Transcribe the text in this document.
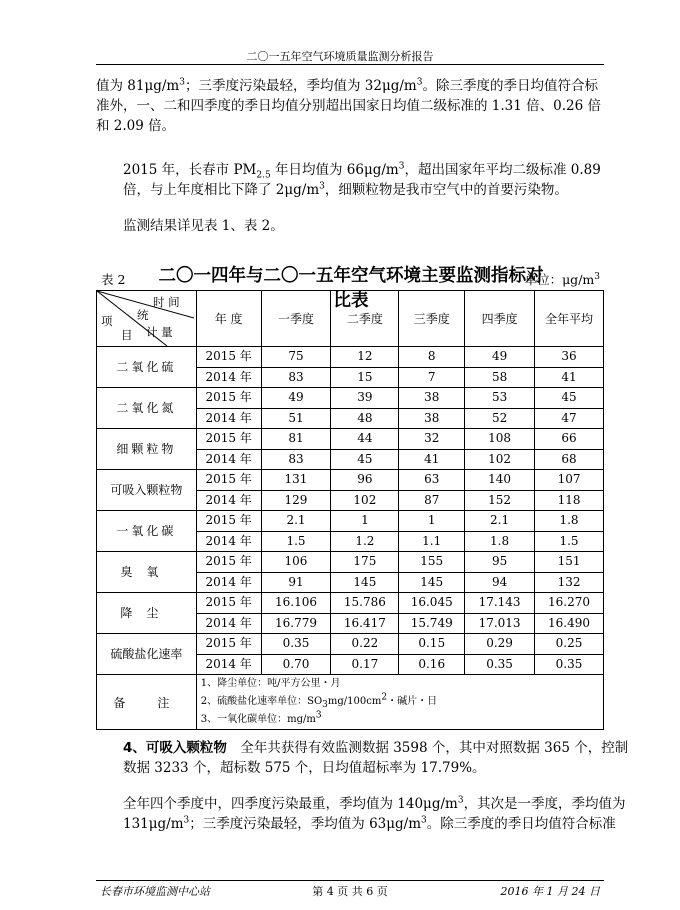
二〇一五年空气环境质量监测分析报告
值为 $81\mu g/m^3$；三季度污染最轻，季均值为 $32\mu g/m^3$。除三季度的季日均值符合标准外，一、二和四季度的季日均值分别超出国家日均值二级标准的 1.31 倍、0.26 倍和 2.09 倍。
2015 年，长春市 $PM_{2.5}$ 年日均值为 $66\mu g/m^3$，超出国家年平均二级标准 0.89 倍，与上年度相比下降了 $2\mu g/m^3$，细颗粒物是我市空气中的首要污染物。
监测结果详见表 1、表 2。
表 2 二〇一四年与二〇一五年空气环境主要监测指标对比表
单位：$\mu g/m^3$
时 间
统
计 量
项
目	年 度	一季度	二季度	三季度	四季度	全年平均
二氧化硫	2015 年	75	12	8	49	36
	2014 年	83	15	7	58	41
二氧化氮	2015 年	49	39	38	53	45
	2014 年	51	48	38	52	47
细颗粒物	2015 年	81	44	32	108	66
	2014 年	83	45	41	102	68
可吸入颗粒物	2015 年	131	96	63	140	107
	2014 年	129	102	87	152	118
一氧化碳	2015 年	2.1	1	1	2.1	1.8
	2014 年	1.5	1.2	1.1	1.8	1.5
臭氧	2015 年	106	175	155	95	151
	2014 年	91	145	145	94	132
降尘	2015 年	16.106	15.786	16.045	17.143	16.270
	2014 年	16.779	16.417	15.749	17.013	16.490
硫酸盐化速率	2015 年	0.35	0.22	0.15	0.29	0.25
	2014 年	0.70	0.17	0.16	0.35	0.35
备　注	1、降尘单位：吨/平方公里・月
2、硫酸盐化速率单位：$SO_3mg/100cm^2$・碱片・日
3、一氧化碳单位：$mg/m^3$
4、可吸入颗粒物　全年共获得有效监测数据 3598 个，其中对照数据 365 个，控制数据 3233 个，超标数 575 个，日均值超标率为 17.79%。
全年四个季度中，四季度污染最重，季均值为 $140\mu g/m^3$，其次是一季度，季均值为 $131\mu g/m^3$；三季度污染最轻，季均值为 $63\mu g/m^3$。除三季度的季日均值符合标准
长春市环境监测中心站	第 4 页 共 6 页	2016 年 1 月 24 日
